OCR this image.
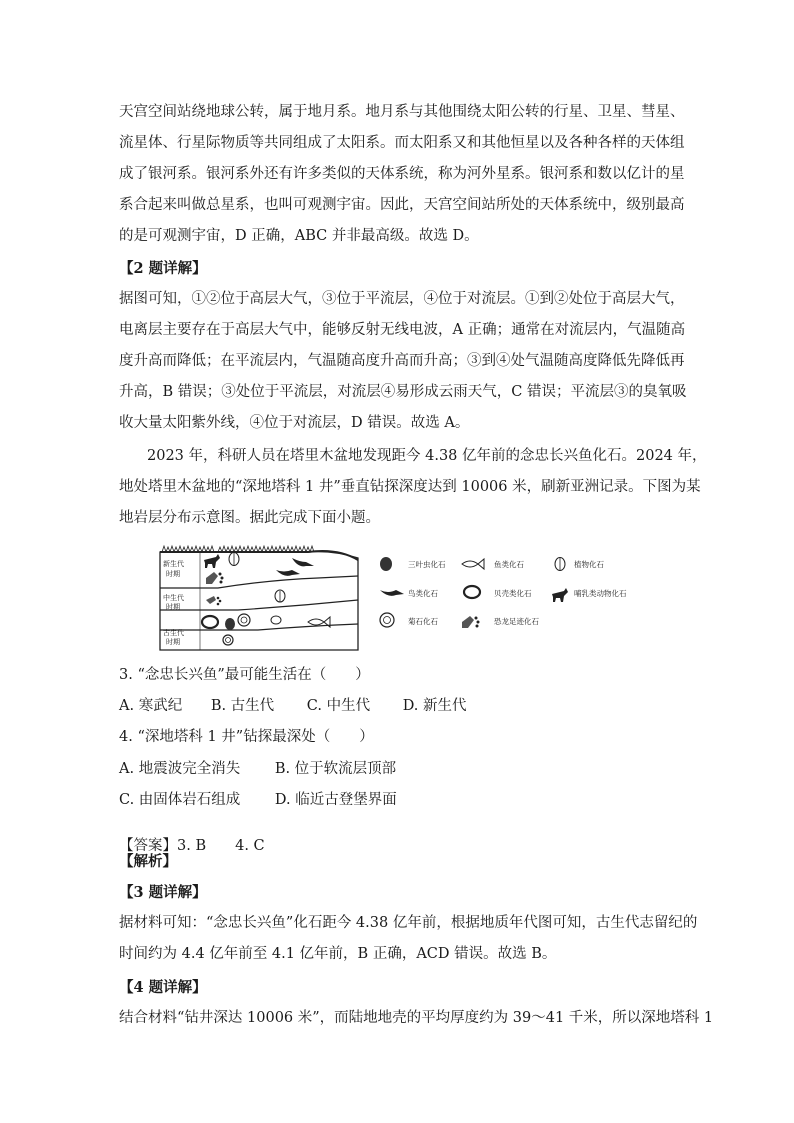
天宫空间站绕地球公转，属于地月系。地月系与其他围绕太阳公转的行星、卫星、彗星、
流星体、行星际物质等共同组成了太阳系。而太阳系又和其他恒星以及各种各样的天体组
成了银河系。银河系外还有许多类似的天体系统，称为河外星系。银河系和数以亿计的星
系合起来叫做总星系，也叫可观测宇宙。因此，天宫空间站所处的天体系统中，级别最高
的是可观测宇宙，D 正确，ABC 并非最高级。故选 D。

【2 题详解】

据图可知，①②位于高层大气，③位于平流层，④位于对流层。①到②处位于高层大气，
电离层主要存在于高层大气中，能够反射无线电波，A 正确；通常在对流层内，气温随高
度升高而降低；在平流层内，气温随高度升高而升高；③到④处气温随高度降低先降低再
升高，B 错误；③处位于平流层，对流层④易形成云雨天气，C 错误；平流层③的臭氧吸
收大量太阳紫外线，④位于对流层，D 错误。故选 A。
2023 年，科研人员在塔里木盆地发现距今 4.38 亿年前的念忠长兴鱼化石。2024 年，
地处塔里木盆地的“深地塔科 1 井”垂直钻探深度达到 10006 米，刷新亚洲记录。下图为某
地岩层分布示意图。据此完成下面小题。
新生代
时期
中生代
时期
古生代
时期
三叶虫化石	鱼类化石	植物化石
鸟类化石	贝壳类化石	哺乳类动物化石
菊石化石	恐龙足迹化石

3. “念忠长兴鱼”最可能生活在（　　）

A. 寒武纪 B. 古生代 C. 中生代 D. 新生代

4. “深地塔科 1 井”钻探最深处（　　）

A. 地震波完全消失 B. 位于软流层顶部
C. 由固体岩石组成 D. 临近古登堡界面

【答案】3. B　　4. C

【解析】

【3 题详解】

据材料可知：“念忠长兴鱼”化石距今 4.38 亿年前，根据地质年代图可知，古生代志留纪的
时间约为 4.4 亿年前至 4.1 亿年前，B 正确，ACD 错误。故选 B。

【4 题详解】

结合材料“钻井深达 10006 米”，而陆地地壳的平均厚度约为 39～41 千米，所以深地塔科 1
